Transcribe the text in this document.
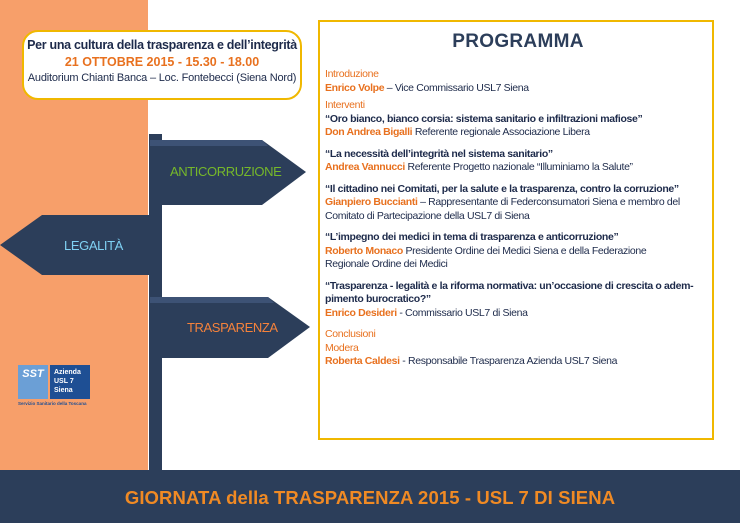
Per una cultura della trasparenza e dell’integrità
21 OTTOBRE 2015 - 15.30 - 18.00
Auditorium Chianti Banca – Loc. Fontebecci (Siena Nord)
ANTICORRUZIONE
LEGALITÀ
TRASPARENZA
SST	Azienda
USL 7
Siena
Servizio Sanitario della Toscana
PROGRAMMA
Introduzione
Enrico Volpe – Vice Commissario USL7 Siena
Interventi
“Oro bianco, bianco corsia: sistema sanitario e infiltrazioni mafiose”
Don Andrea Bigalli Referente regionale Associazione Libera
“La necessità dell’integrità nel sistema sanitario”
Andrea Vannucci Referente Progetto nazionale “Illuminiamo la Salute”
“Il cittadino nei Comitati, per la salute e la trasparenza, contro la corruzione”
Gianpiero Buccianti – Rappresentante di Federconsumatori Siena e membro del
Comitato di Partecipazione della USL7 di Siena
“L’impegno dei medici in tema di trasparenza e anticorruzione”
Roberto Monaco Presidente Ordine dei Medici Siena e della Federazione
Regionale Ordine dei Medici
“Trasparenza - legalità e la riforma normativa: un’occasione di crescita o adem-
pimento burocratico?”
Enrico Desideri - Commissario USL7 di Siena
Conclusioni
Modera
Roberta Caldesi - Responsabile Trasparenza Azienda USL7 Siena
GIORNATA della TRASPARENZA 2015 - USL 7 DI SIENA
